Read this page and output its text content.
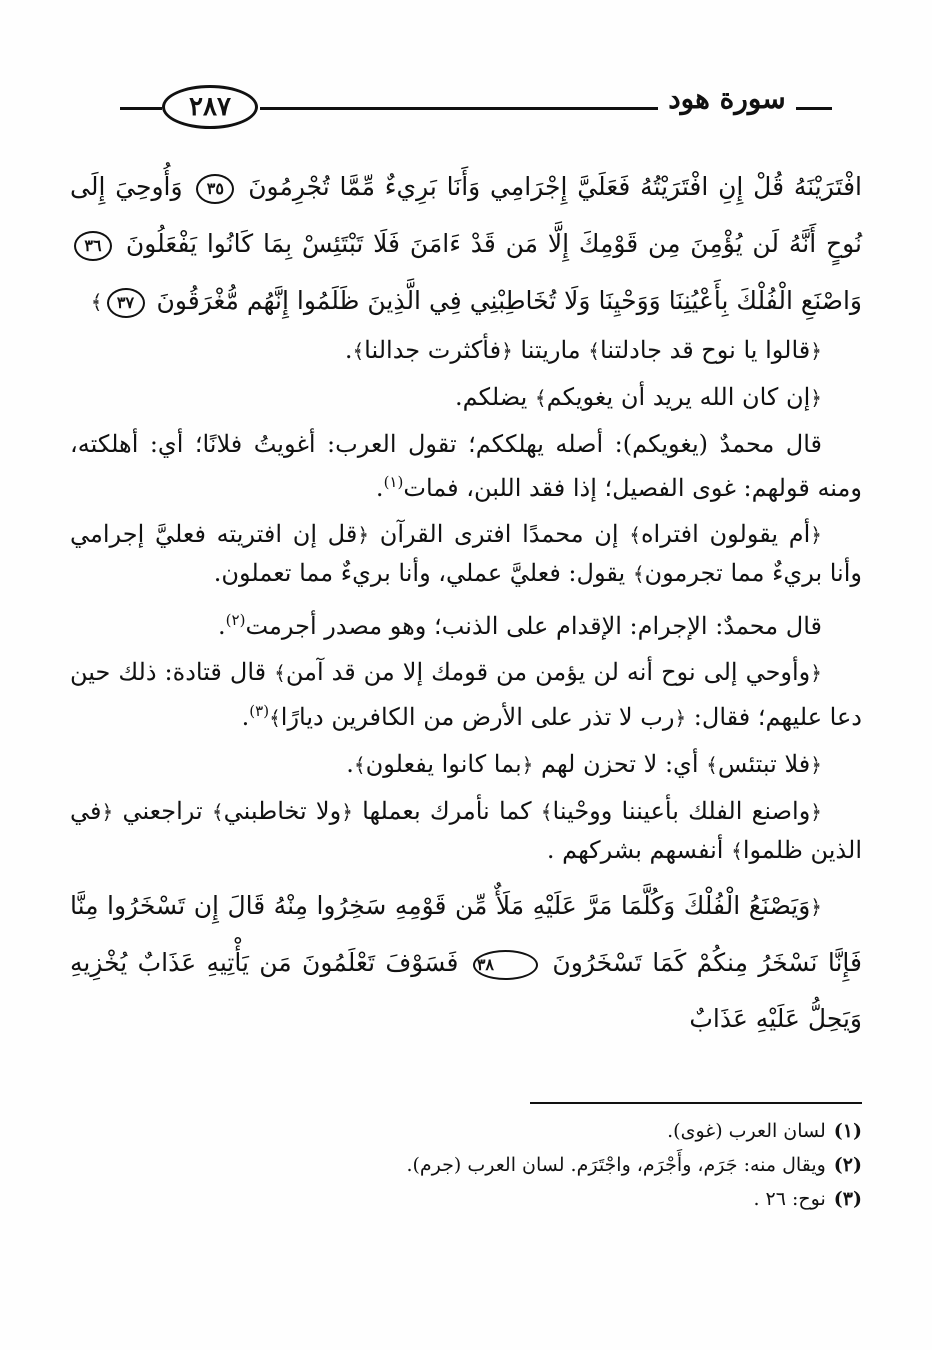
٢٨٧	سورة هود

افْتَرَيْنَهُ قُلْ إِنِ افْتَرَيْتُهُ فَعَلَيَّ إِجْرَامِي وَأَنَا بَرِيءٌ مِّمَّا تُجْرِمُونَ ٣٥ وَأُوحِيَ إِلَى نُوحٍ أَنَّهُ لَن يُؤْمِنَ مِن قَوْمِكَ إِلَّا مَن قَدْ ءَامَنَ فَلَا تَبْتَئِسْ بِمَا كَانُوا يَفْعَلُونَ ٣٦ وَاصْنَعِ الْفُلْكَ بِأَعْيُنِنَا وَوَحْيِنَا وَلَا تُخَاطِبْنِي فِي الَّذِينَ ظَلَمُوا إِنَّهُم مُّغْرَقُونَ ٣٧﴾

﴿قالوا يا نوح قد جادلتنا﴾ ماريتنا ﴿فأكثرت جدالنا﴾.

﴿إن كان الله يريد أن يغويكم﴾ يضلكم.

قال محمدٌ (يغويكم): أصله يهلككم؛ تقول العرب: أغويتُ فلانًا؛ أي: أهلكته، ومنه قولهم: غوى الفصيل؛ إذا فقد اللبن، فمات$^{(١)}$.

﴿أم يقولون افتراه﴾ إن محمدًا افترى القرآن ﴿قل إن افتريته فعليَّ إجرامي وأنا بريءٌ مما تجرمون﴾ يقول: فعليَّ عملي، وأنا بريءٌ مما تعملون.

قال محمدٌ: الإجرام: الإقدام على الذنب؛ وهو مصدر أجرمت$^{(٢)}$.

﴿وأوحي إلى نوح أنه لن يؤمن من قومك إلا من قد آمن﴾ قال قتادة: ذلك حين دعا عليهم؛ فقال: ﴿رب لا تذر على الأرض من الكافرين ديارًا﴾$^{(٣)}$.

﴿فلا تبتئس﴾ أي: لا تحزن لهم ﴿بما كانوا يفعلون﴾.

﴿واصنع الفلك بأعيننا ووحْينا﴾ كما نأمرك بعملها ﴿ولا تخاطبني﴾ تراجعني ﴿في الذين ظلموا﴾ أنفسهم بشركهم .

﴿وَيَصْنَعُ الْفُلْكَ وَكُلَّمَا مَرَّ عَلَيْهِ مَلَأٌ مِّن قَوْمِهِ سَخِرُوا مِنْهُ قَالَ إِن تَسْخَرُوا مِنَّا فَإِنَّا نَسْخَرُ مِنكُمْ كَمَا تَسْخَرُونَ ٣٨ فَسَوْفَ تَعْلَمُونَ مَن يَأْتِيهِ عَذَابٌ يُخْزِيهِ وَيَحِلُّ عَلَيْهِ عَذَابٌ

(١)لسان العرب (غوى).
(٢)ويقال منه: جَرَم، وأَجْرَم، واجْتَرَم. لسان العرب (جرم).
(٣)نوح: ٢٦ .
